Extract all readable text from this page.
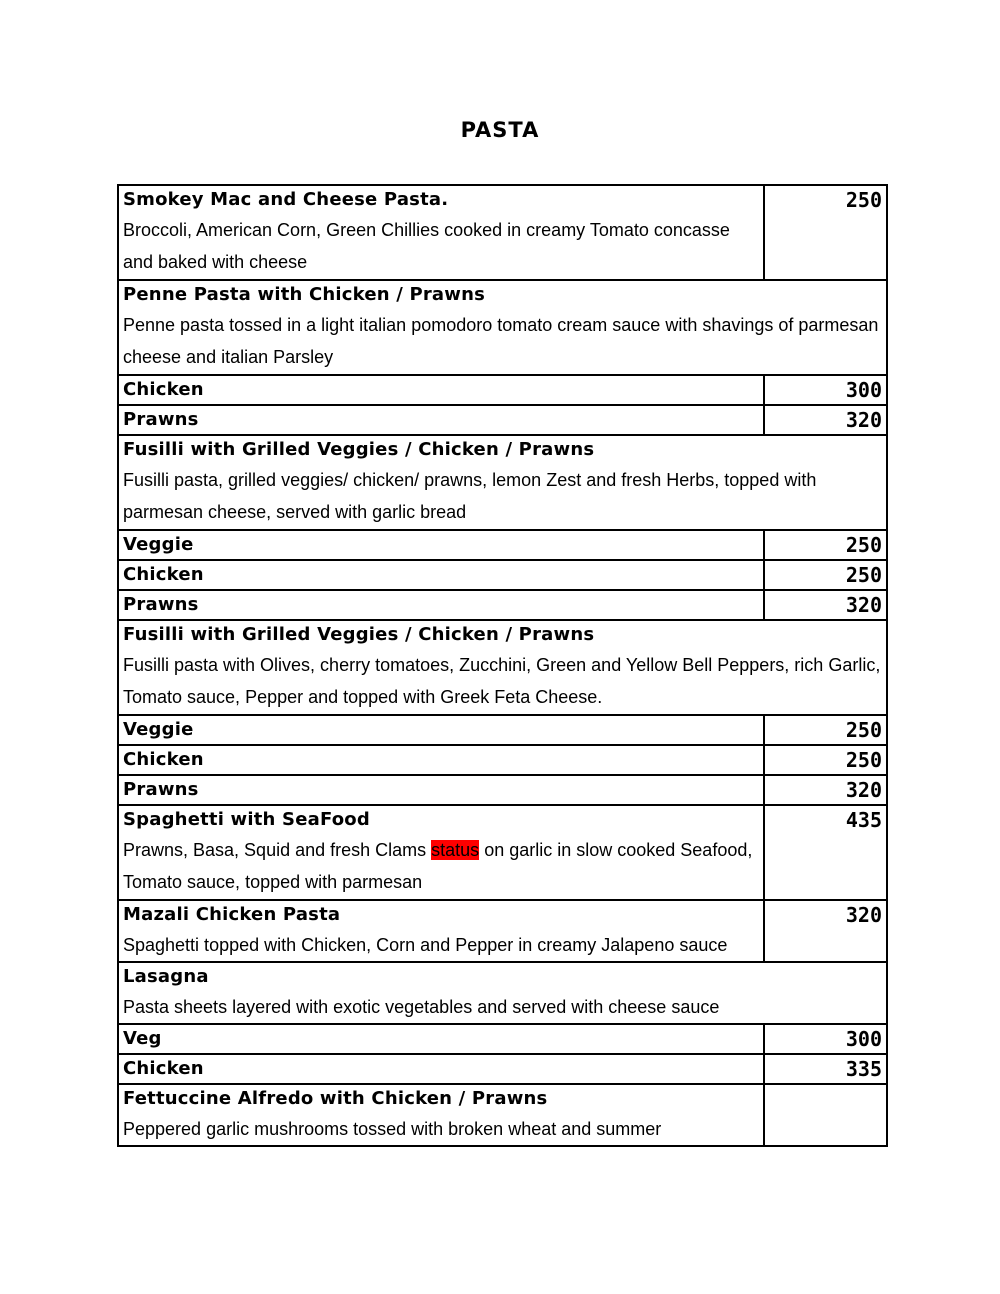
PASTA
Smokey Mac and Cheese Pasta.
Broccoli, American Corn, Green Chillies cooked in creamy Tomato concasse and baked with cheese	250

Penne Pasta with Chicken / Prawns
Penne pasta tossed in a light italian pomodoro tomato cream sauce with shavings of parmesan cheese and italian Parsley	

Chicken	300
Prawns	320

Fusilli with Grilled Veggies / Chicken / Prawns
Fusilli pasta, grilled veggies/ chicken/ prawns, lemon Zest and fresh Herbs, topped with parmesan cheese, served with garlic bread	

Veggie	250
Chicken	250
Prawns	320

Fusilli with Grilled Veggies / Chicken / Prawns
Fusilli pasta with Olives, cherry tomatoes, Zucchini, Green and Yellow Bell Peppers, rich Garlic, Tomato sauce, Pepper and topped with Greek Feta Cheese.	

Veggie	250
Chicken	250
Prawns	320

Spaghetti with SeaFood
Prawns, Basa, Squid and fresh Clams status on garlic in slow cooked Seafood, Tomato sauce, topped with parmesan	435

Mazali Chicken Pasta
Spaghetti topped with Chicken, Corn and Pepper in creamy Jalapeno sauce	320

Lasagna
Pasta sheets layered with exotic vegetables and served with cheese sauce	

Veg	300
Chicken	335

Fettuccine Alfredo with Chicken / Prawns
Peppered garlic mushrooms tossed with broken wheat and summer	
